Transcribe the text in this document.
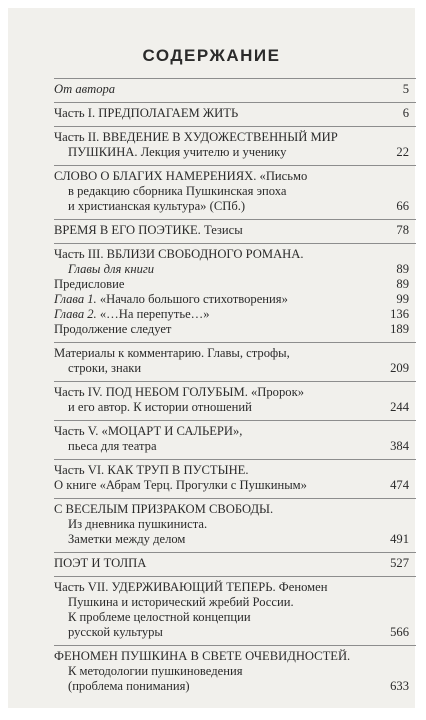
СОДЕРЖАНИЕ
От автора	5
Часть I. ПРЕДПОЛАГАЕМ ЖИТЬ	6
Часть II. ВВЕДЕНИЕ В ХУДОЖЕСТВЕННЫЙ МИР
ПУШКИНА. Лекция учителю и ученику	22
СЛОВО О БЛАГИХ НАМЕРЕНИЯХ. «Письмо
в редакцию сборника Пушкинская эпоха
и христианская культура» (СПб.)	66
ВРЕМЯ В ЕГО ПОЭТИКЕ. Тезисы	78
Часть III. ВБЛИЗИ СВОБОДНОГО РОМАНА.
Главы для книги	89
Предисловие	89
Глава 1. «Начало большого стихотворения»	99
Глава 2. «…На перепутье…»	136
Продолжение следует	189
Материалы к комментарию. Главы, строфы,
строки, знаки	209
Часть IV. ПОД НЕБОМ ГОЛУБЫМ. «Пророк»
и его автор. К истории отношений	244
Часть V. «МОЦАРТ И САЛЬЕРИ»,
пьеса для театра	384
Часть VI. КАК ТРУП В ПУСТЫНЕ.
О книге «Абрам Терц. Прогулки с Пушкиным»	474
С ВЕСЕЛЫМ ПРИЗРАКОМ СВОБОДЫ.
Из дневника пушкиниста.
Заметки между делом	491
ПОЭТ И ТОЛПА	527
Часть VII. УДЕРЖИВАЮЩИЙ ТЕПЕРЬ. Феномен
Пушкина и исторический жребий России.
К проблеме целостной концепции
русской культуры	566
ФЕНОМЕН ПУШКИНА В СВЕТЕ ОЧЕВИДНОСТЕЙ.
К методологии пушкиноведения
(проблема понимания)	633
